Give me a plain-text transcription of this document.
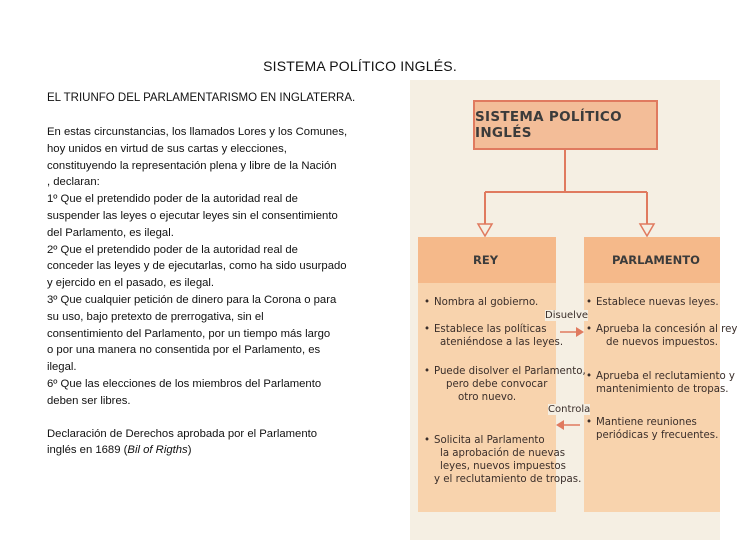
SISTEMA POLÍTICO INGLÉS.
EL TRIUNFO DEL PARLAMENTARISMO EN INGLATERRA.
En estas circunstancias, los llamados Lores y los Comunes,
hoy unidos en virtud de sus cartas y elecciones,
constituyendo la representación plena y libre de la Nación
, declaran:
1º Que el pretendido poder de la autoridad real de
suspender las leyes o ejecutar leyes sin el consentimiento
del Parlamento, es ilegal.
2º Que el pretendido poder de la autoridad real de
conceder las leyes y de ejecutarlas, como ha sido usurpado
y ejercido en el pasado, es ilegal.
3º Que cualquier petición de dinero para la Corona o para
su uso, bajo pretexto de prerrogativa, sin el
consentimiento del Parlamento, por un tiempo más largo
o por una manera no consentida por el Parlamento, es
ilegal.
6º Que las elecciones de los miembros del Parlamento
deben ser libres.
Declaración de Derechos aprobada por el Parlamento
inglés en 1689 (Bil of Rigths)
SISTEMA POLÍTICO INGLÉS
REY	PARLAMENTO
• Nombra al gobierno.
• Establece las políticas
ateniéndose a las leyes.
• Puede disolver el Parlamento,
pero debe convocar
otro nuevo.
• Solicita al Parlamento
la aprobación de nuevas
leyes, nuevos impuestos
y el reclutamiento de tropas.
• Establece nuevas leyes.
• Aprueba la concesión al rey
de nuevos impuestos.
• Aprueba el reclutamiento y
mantenimiento de tropas.
• Mantiene reuniones
periódicas y frecuentes.
Disuelve
Controla
